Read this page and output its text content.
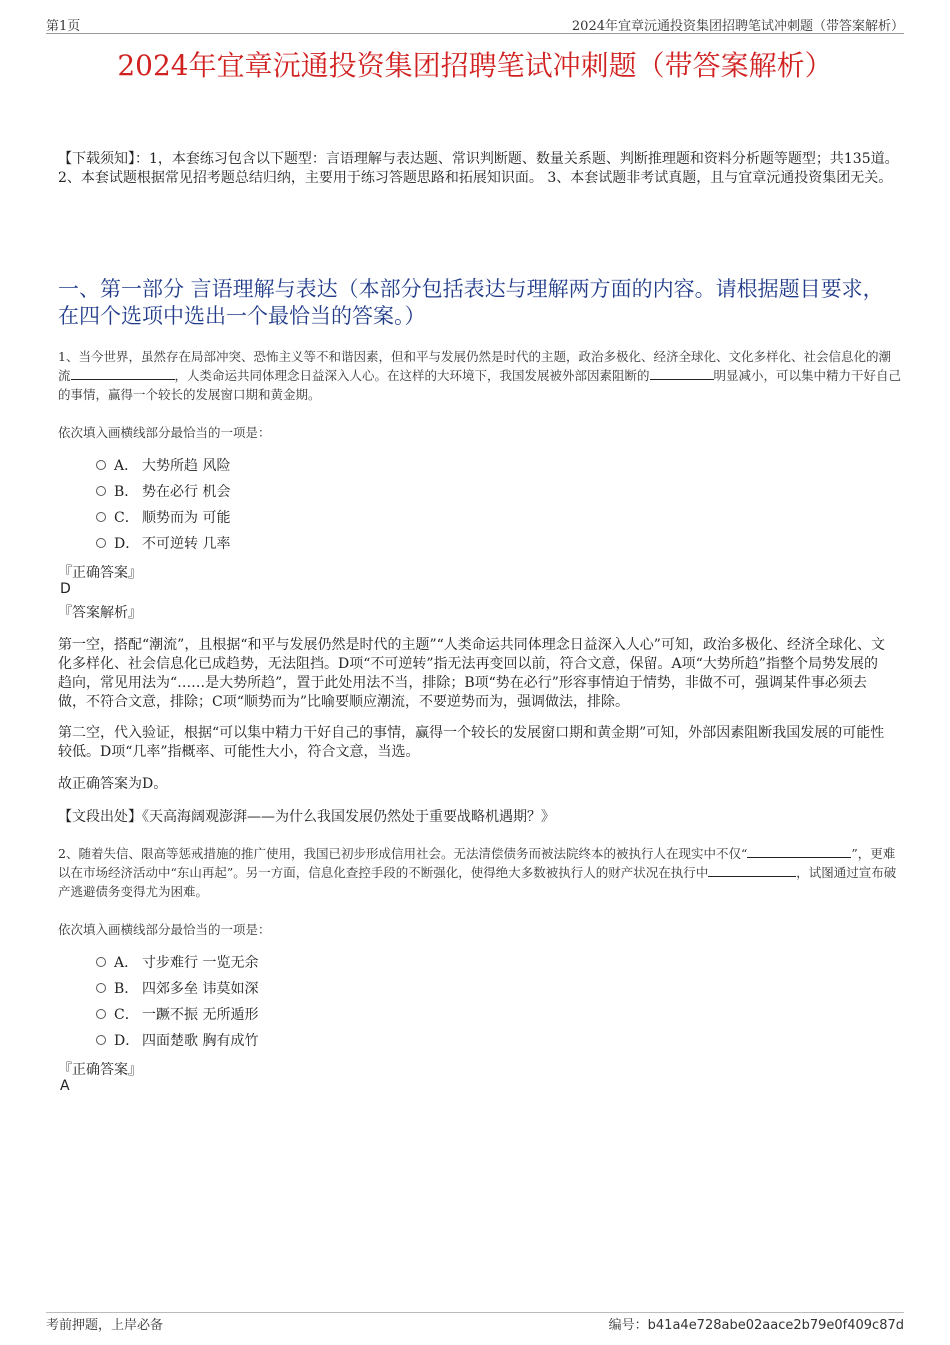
第1页	2024年宜章沅通投资集团招聘笔试冲刺题（带答案解析）
2024年宜章沅通投资集团招聘笔试冲刺题（带答案解析）
【下载须知】：1，本套练习包含以下题型：言语理解与表达题、常识判断题、数量关系题、判断推理题和资料分析题等题型；共135道。 2、本套试题根据常见招考题总结归纳，主要用于练习答题思路和拓展知识面。 3、本套试题非考试真题，且与宜章沅通投资集团无关。
一、第一部分 言语理解与表达（本部分包括表达与理解两方面的内容。请根据题目要求，在四个选项中选出一个最恰当的答案。）
1、当今世界，虽然存在局部冲突、恐怖主义等不和谐因素，但和平与发展仍然是时代的主题，政治多极化、经济全球化、文化多样化、社会信息化的潮流	，人类命运共同体理念日益深入人心。在这样的大环境下，我国发展被外部因素阻断的	明显减小，可以集中精力干好自己的事情，赢得一个较长的发展窗口期和黄金期。
依次填入画横线部分最恰当的一项是：
A． 大势所趋 风险
B． 势在必行 机会
C． 顺势而为 可能
D． 不可逆转 几率
『正确答案』
D
『答案解析』
第一空，搭配“潮流”，且根据“和平与发展仍然是时代的主题”“人类命运共同体理念日益深入人心”可知，政治多极化、经济全球化、文化多样化、社会信息化已成趋势，无法阻挡。D项“不可逆转”指无法再变回以前，符合文意，保留。A项“大势所趋”指整个局势发展的趋向，常见用法为“……是大势所趋”，置于此处用法不当，排除；B项“势在必行”形容事情迫于情势，非做不可，强调某件事必须去做，不符合文意，排除；C项“顺势而为”比喻要顺应潮流，不要逆势而为，强调做法，排除。
第二空，代入验证，根据“可以集中精力干好自己的事情，赢得一个较长的发展窗口期和黄金期”可知，外部因素阻断我国发展的可能性较低。D项“几率”指概率、可能性大小，符合文意，当选。
故正确答案为D。
【文段出处】《天高海阔观澎湃——为什么我国发展仍然处于重要战略机遇期？》
2、随着失信、限高等惩戒措施的推广使用，我国已初步形成信用社会。无法清偿债务而被法院终本的被执行人在现实中不仅“	”，更难以在市场经济活动中“东山再起”。另一方面，信息化查控手段的不断强化，使得绝大多数被执行人的财产状况在执行中	，试图通过宣布破产逃避债务变得尤为困难。
依次填入画横线部分最恰当的一项是：
A． 寸步难行 一览无余
B． 四郊多垒 讳莫如深
C． 一蹶不振 无所遁形
D． 四面楚歌 胸有成竹
『正确答案』
A
考前押题，上岸必备	编号：b41a4e728abe02aace2b79e0f409c87d
